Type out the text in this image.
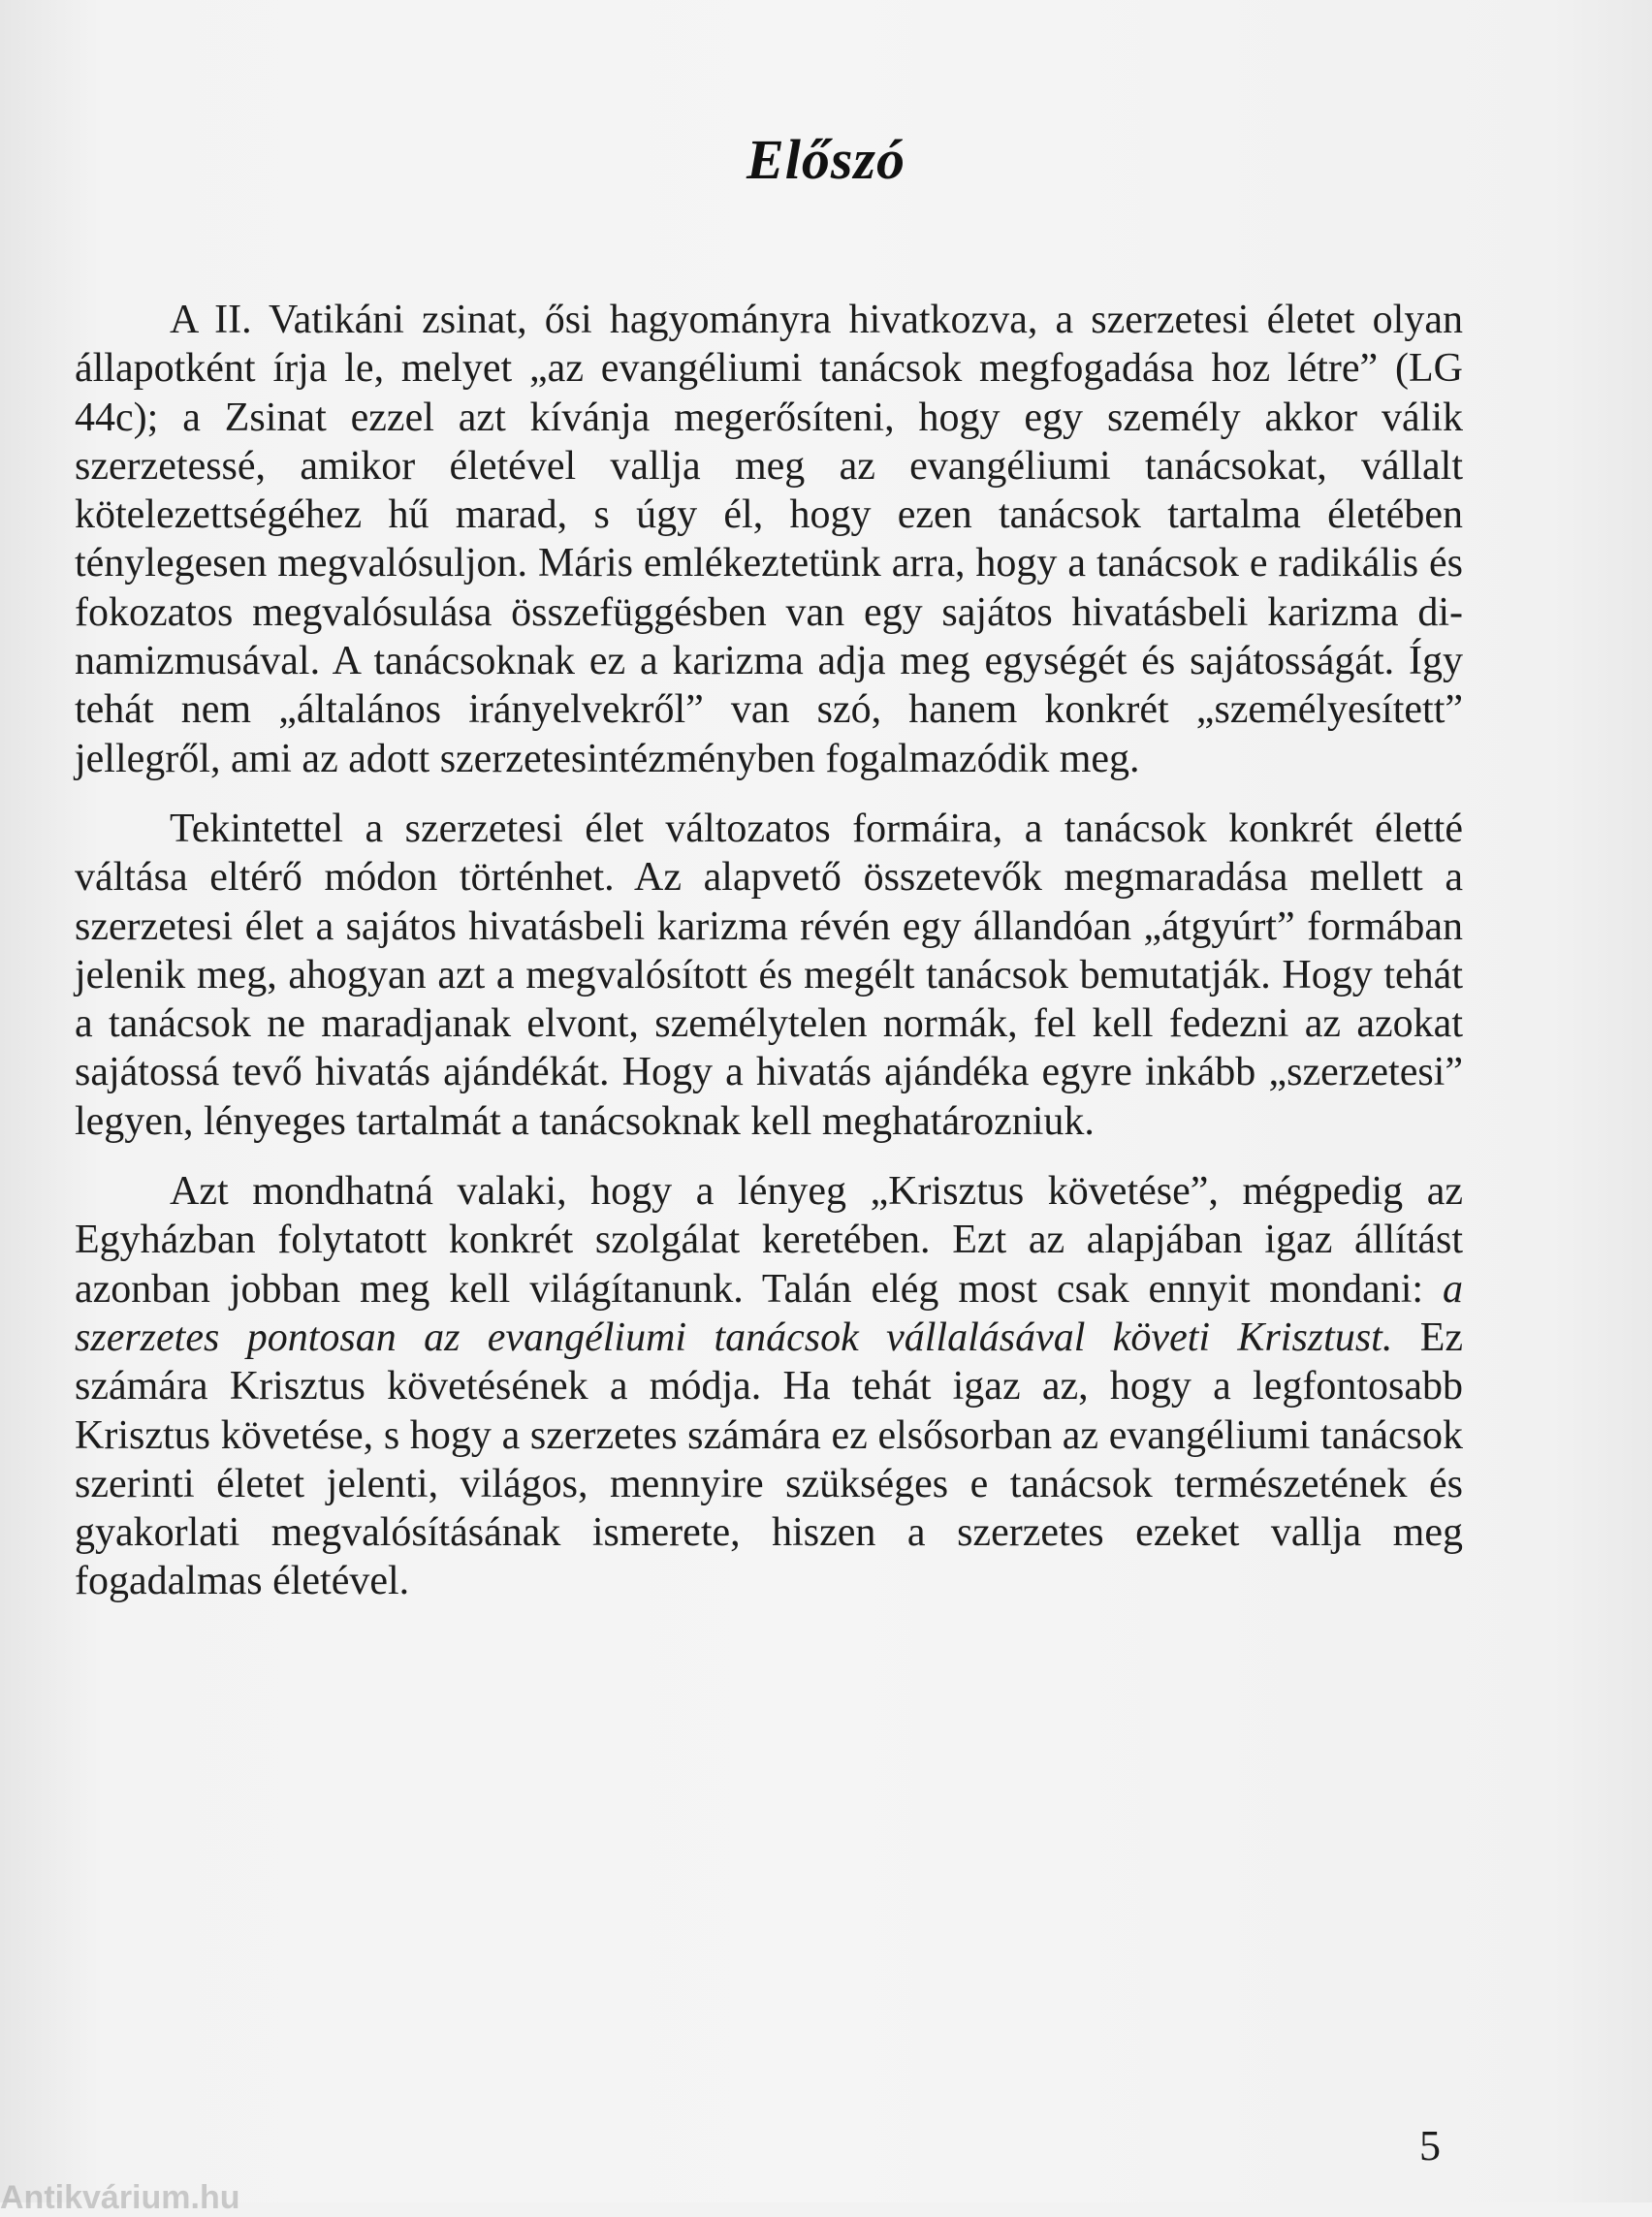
Előszó

A II. Vatikáni zsinat, ősi hagyományra hivatkozva, a szerzetesi életet olyan állapotként írja le, melyet „az evangéliumi tanácsok megfogadása hoz létre” (LG 44c); a Zsinat ezzel azt kívánja megerősíteni, hogy egy személy akkor válik szerzetessé, amikor életével vallja meg az evangéliumi tanácsokat, vállalt kötelezettségéhez hű marad, s úgy él, hogy ezen tanácsok tartalma életében ténylegesen megvalósuljon. Máris emlékeztetünk arra, hogy a tanácsok e radikális és fokozatos megvalósulása összefüggésben van egy sajátos hivatásbeli karizma dinamizmusával. A tanácsoknak ez a karizma adja meg egységét és sajátosságát. Így tehát nem „általános irányelvekről” van szó, hanem konkrét „személyesített” jellegről, ami az adott szerzetesintézményben fogalmazódik meg.

Tekintettel a szerzetesi élet változatos formáira, a tanácsok konkrét életté váltása eltérő módon történhet. Az alapvető összetevők megmaradása mellett a szerzetesi élet a sajátos hivatásbeli karizma révén egy állandóan „átgyúrt” formában jelenik meg, ahogyan azt a megvalósított és megélt tanácsok bemutatják. Hogy tehát a tanácsok ne maradjanak elvont, személytelen normák, fel kell fedezni az azokat sajátossá tevő hivatás ajándékát. Hogy a hivatás ajándéka egyre inkább „szerzetesi” legyen, lényeges tartalmát a tanácsoknak kell meghatározniuk.

Azt mondhatná valaki, hogy a lényeg „Krisztus követése”, mégpedig az Egyházban folytatott konkrét szolgálat keretében. Ezt az alapjában igaz állítást azonban jobban meg kell világítanunk. Talán elég most csak ennyit mondani: a szerzetes pontosan az evangéliumi tanácsok vállalásával követi Krisztust. Ez számára Krisztus követésének a módja. Ha tehát igaz az, hogy a legfontosabb Krisztus követése, s hogy a szerzetes számára ez elsősorban az evangéliumi tanácsok szerinti életet jelenti, világos, mennyire szükséges e tanácsok természetének és gyakorlati megvalósításának ismerete, hiszen a szerzetes ezeket vallja meg fogadalmas életével.

5
Antikvárium.hu
